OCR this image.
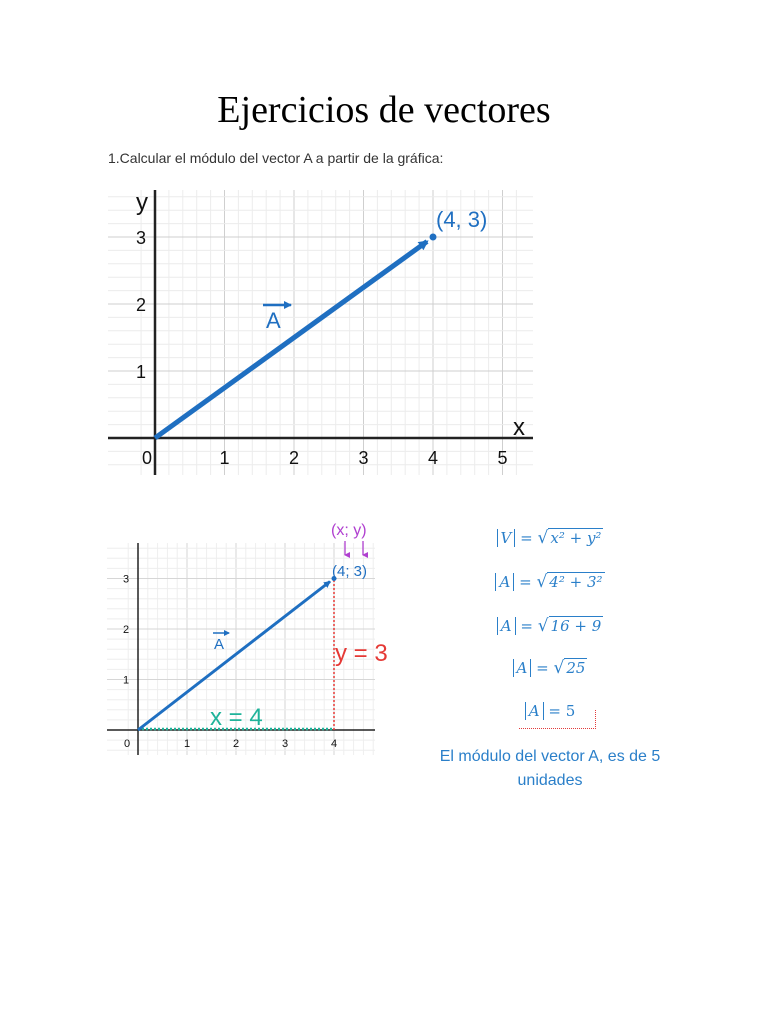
Ejercicios de vectores
1.Calcular el módulo del vector A a partir de la gráfica:
y
x
0	1	2	3	4	5
1
2
3
(4, 3)
A
0	1	2	3	4
1
2
3
(x; y)
(4; 3)
A
x = 4
y = 3
V = √ x² + y²
A = √ 4² + 3²
A = √ 16 + 9
A = √ 25
A = 5
El módulo del vector A, es de 5 unidades
